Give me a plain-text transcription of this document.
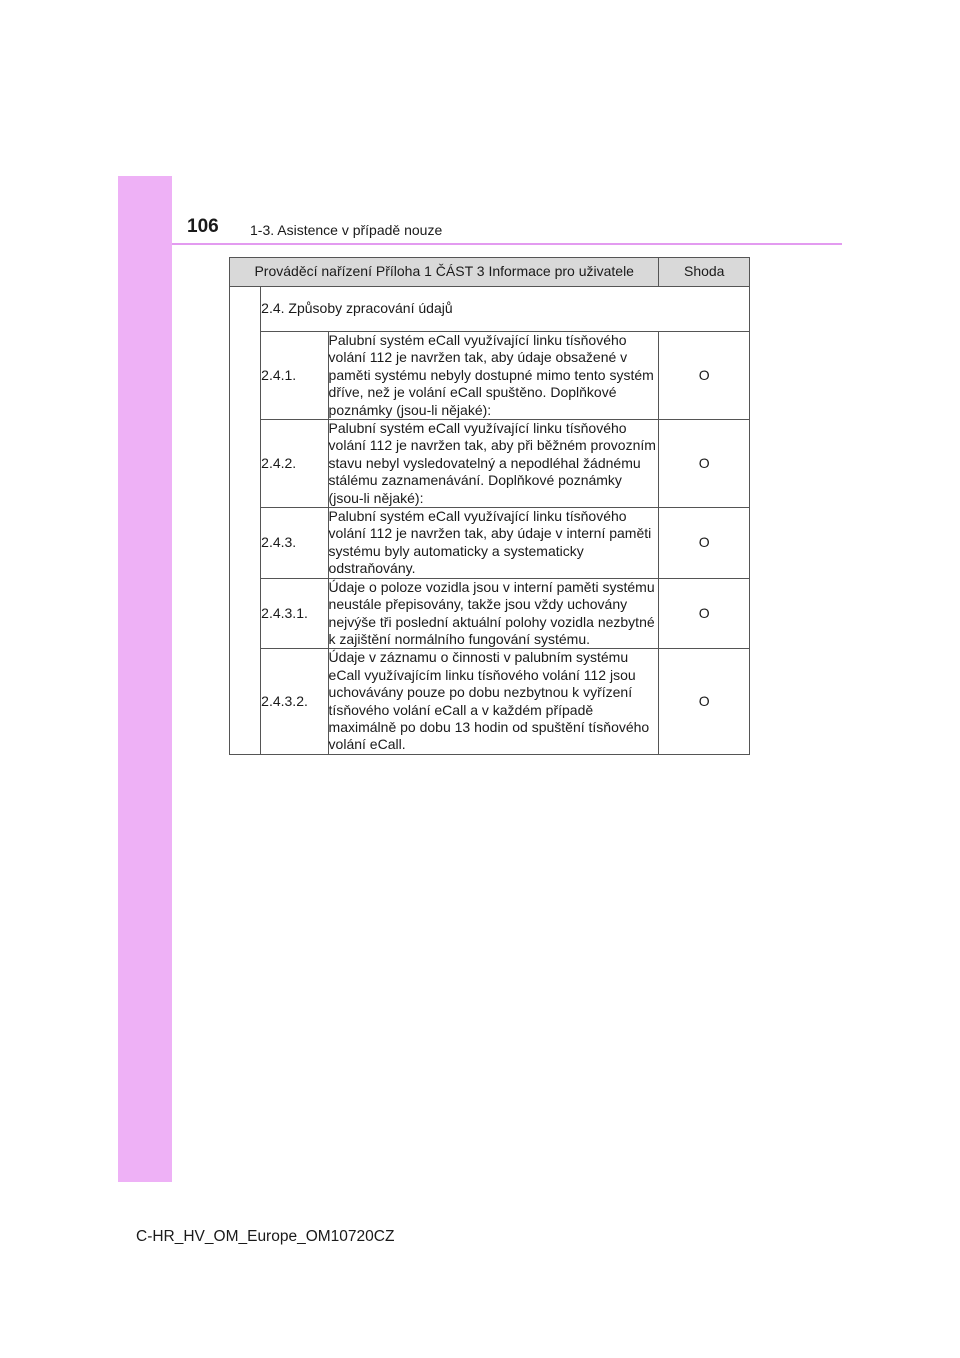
106 1-3. Asistence v případě nouze
Prováděcí nařízení Příloha 1 ČÁST 3 Informace pro uživatele			Shoda
	2.4. Způsoby zpracování údajů		
	2.4.1.	Palubní systém eCall využívající linku tísňového volání 112 je navržen tak, aby údaje obsažené v paměti systému nebyly dostupné mimo tento systém dříve, než je volání eCall spuštěno. Doplňkové poznámky (jsou-li nějaké):	O
	2.4.2.	Palubní systém eCall využívající linku tísňového volání 112 je navržen tak, aby při běžném provozním stavu nebyl vysledovatelný a nepodléhal žádnému stálému zaznamenávání. Doplňkové poznámky (jsou-li nějaké):	O
	2.4.3.	Palubní systém eCall využívající linku tísňového volání 112 je navržen tak, aby údaje v interní paměti systému byly automaticky a systematicky odstraňovány.	O
	2.4.3.1.	Údaje o poloze vozidla jsou v interní paměti systému neustále přepisovány, takže jsou vždy uchovány nejvýše tři poslední aktuální polohy vozidla nezbytné k zajištění normálního fungování systému.	O
	2.4.3.2.	Údaje v záznamu o činnosti v palubním systému eCall využívajícím linku tísňového volání 112 jsou uchovávány pouze po dobu nezbytnou k vyřízení tísňového volání eCall a v každém případě maximálně po dobu 13 hodin od spuštění tísňového volání eCall.	O
C-HR_HV_OM_Europe_OM10720CZ
